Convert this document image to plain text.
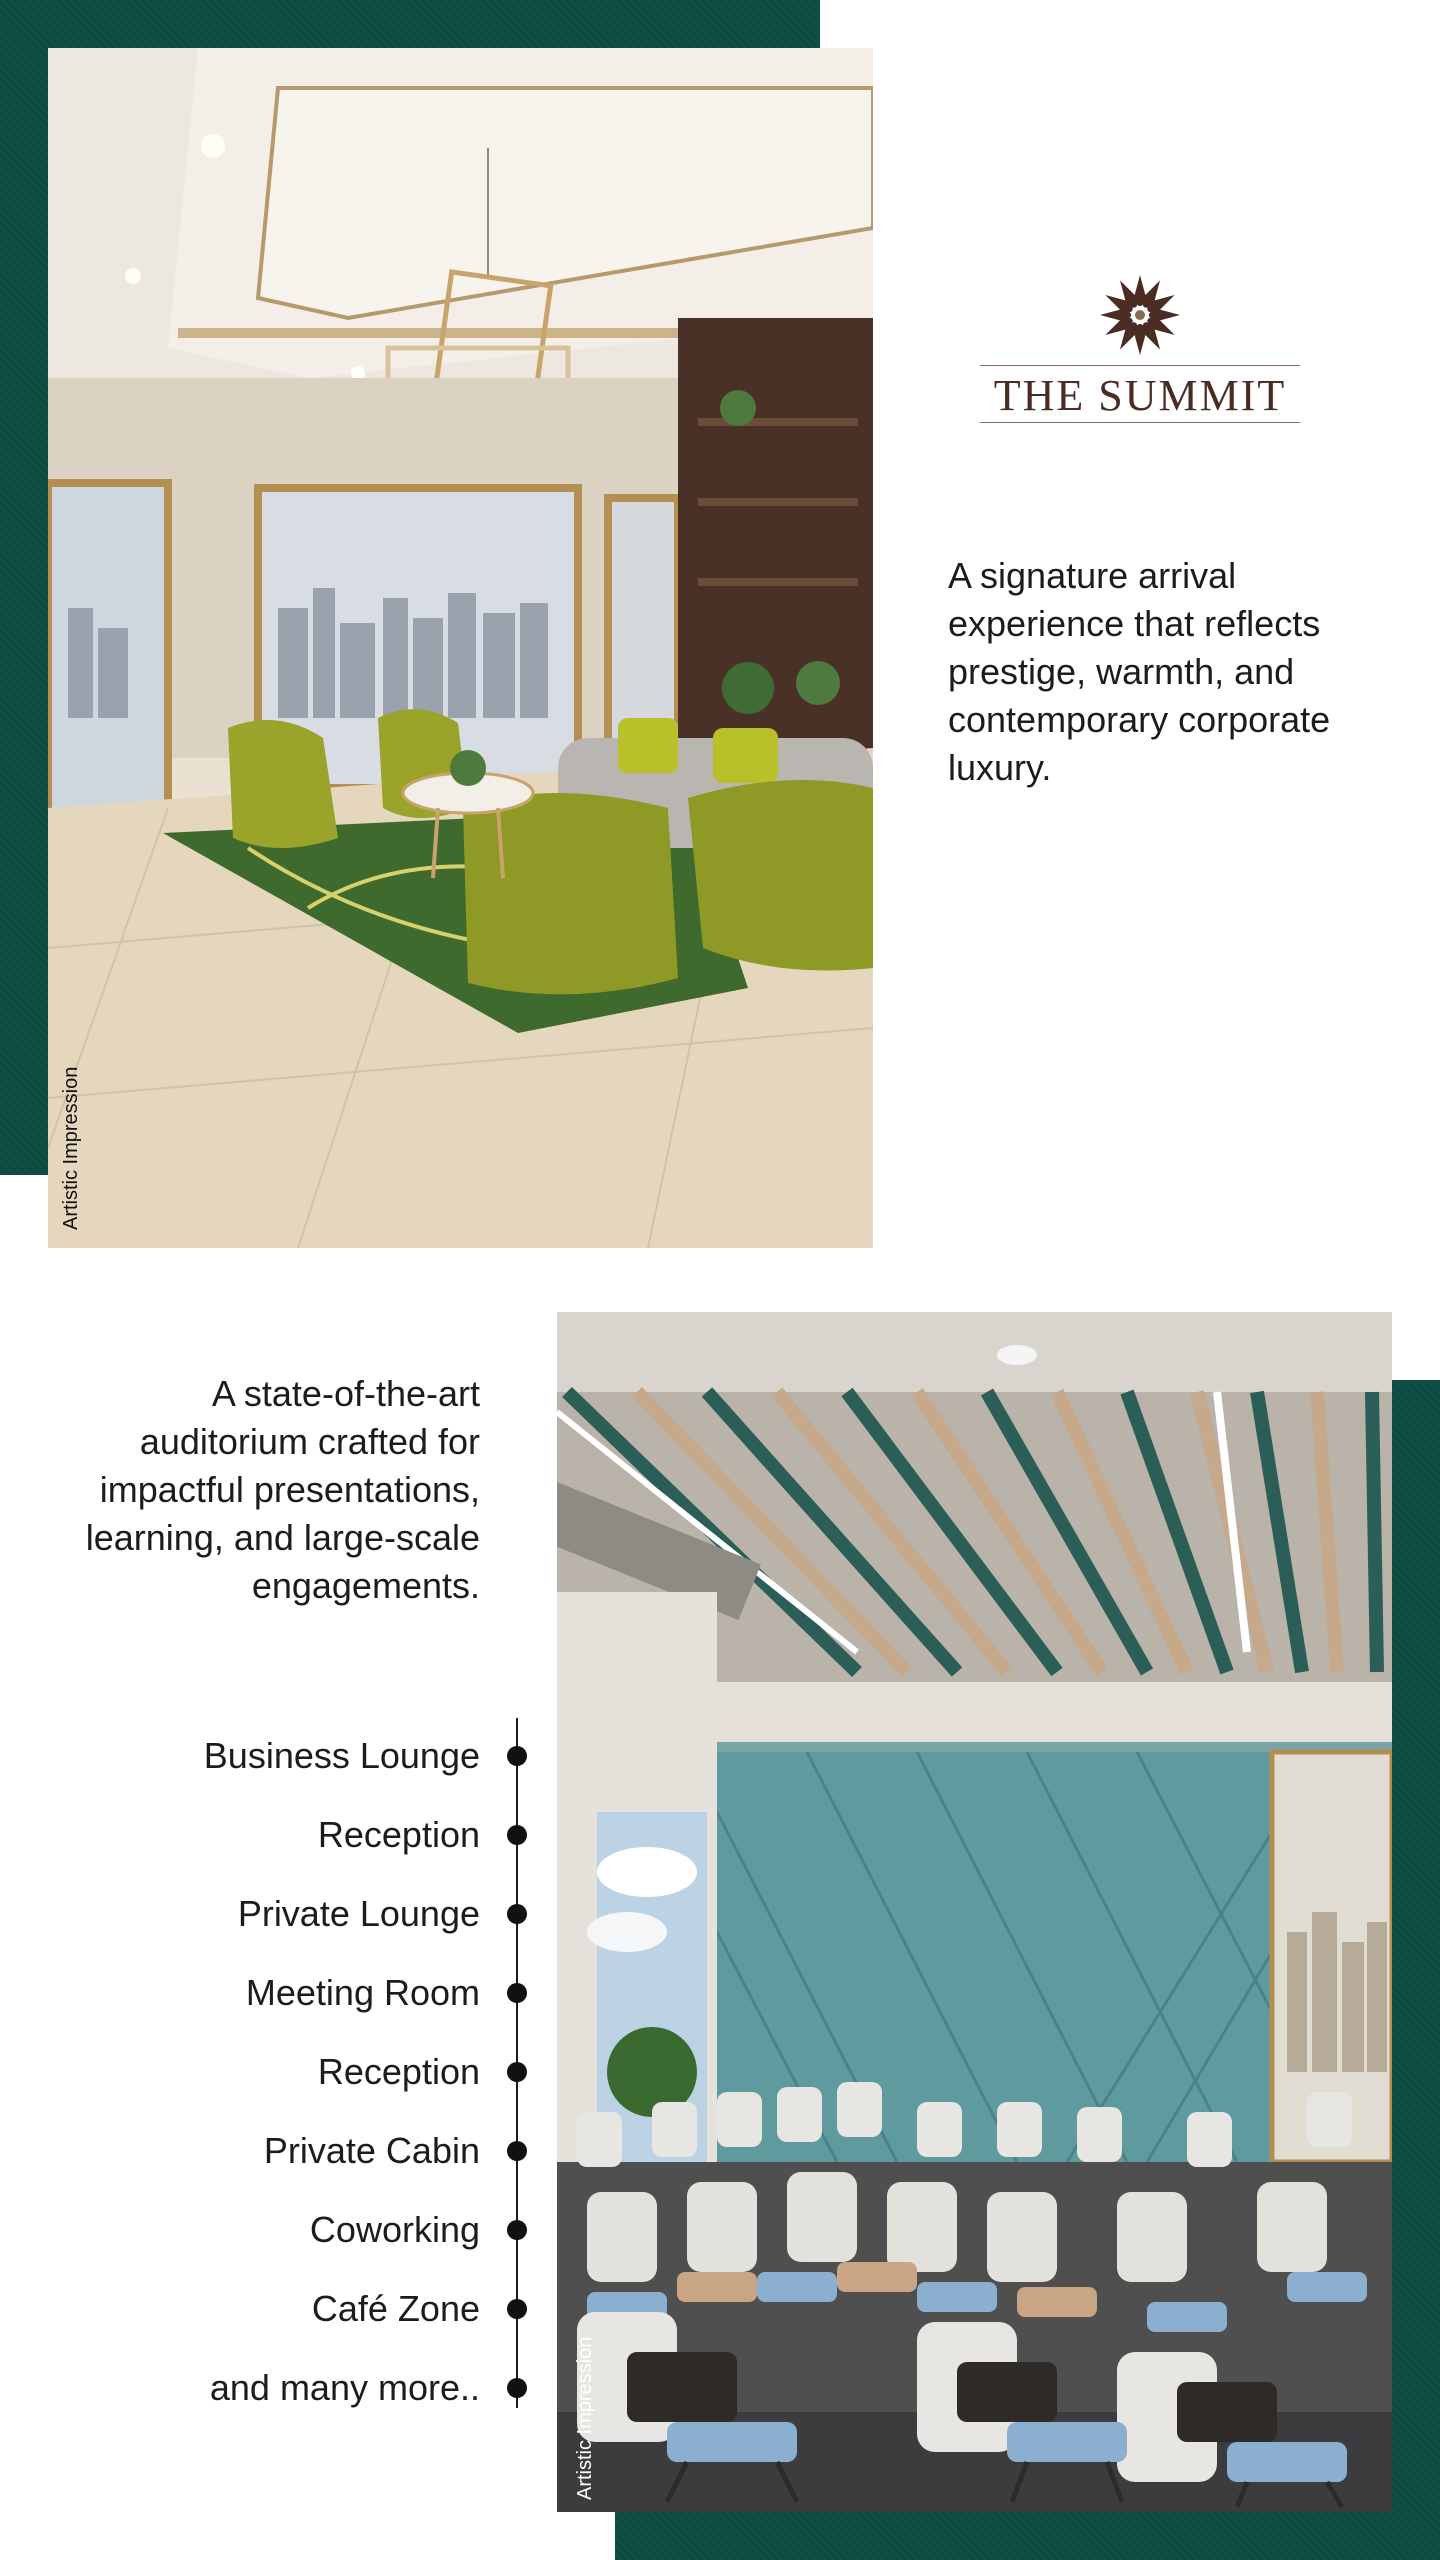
Artistic Impression
THE SUMMIT
A signature arrival experience that reflects prestige, warmth, and contemporary corporate luxury.
A state-of-the-art auditorium crafted for impactful presentations, learning, and large-scale engagements.
Business Lounge
Reception
Private Lounge
Meeting Room
Reception
Private Cabin
Coworking
Café Zone
and many more..	Artistic Impression
